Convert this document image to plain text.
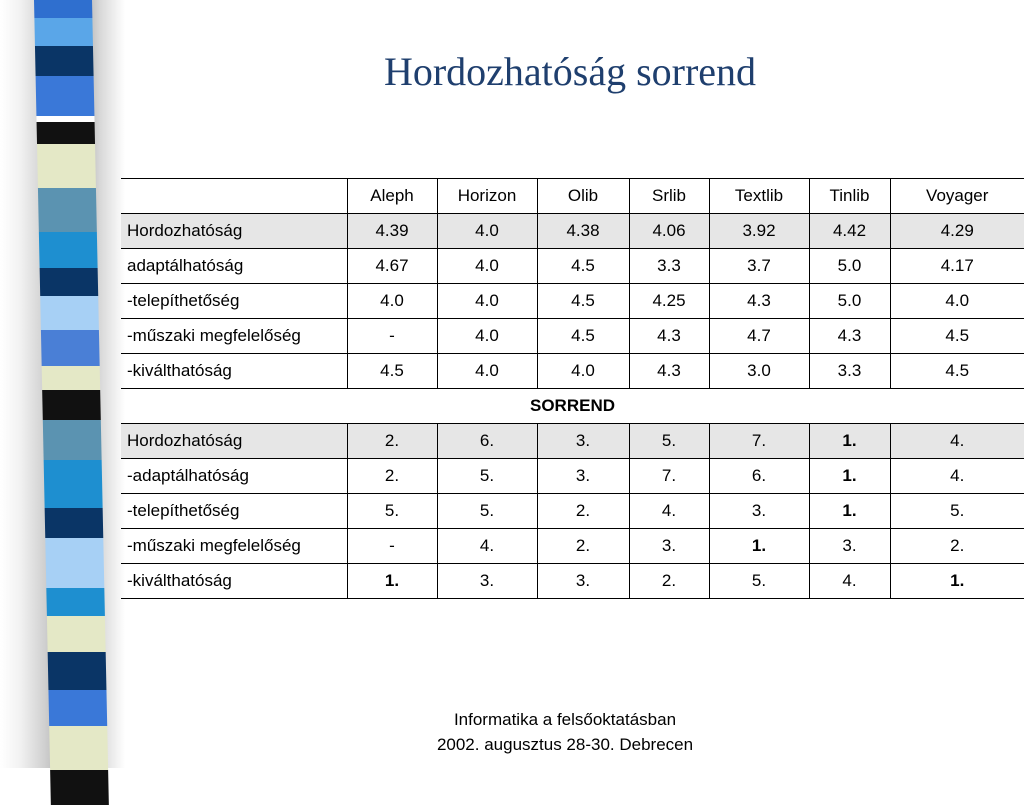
Hordozhatóság sorrend
	Aleph	Horizon	Olib	Srlib	Textlib	Tinlib	Voyager
Hordozhatóság	4.39	4.0	4.38	4.06	3.92	4.42	4.29
adaptálhatóság	4.67	4.0	4.5	3.3	3.7	5.0	4.17
-telepíthetőség	4.0	4.0	4.5	4.25	4.3	5.0	4.0
-műszaki megfelelőség	-	4.0	4.5	4.3	4.7	4.3	4.5
-kiválthatóság	4.5	4.0	4.0	4.3	3.0	3.3	4.5
SORREND							
Hordozhatóság	2.	6.	3.	5.	7.	1.	4.
-adaptálhatóság	2.	5.	3.	7.	6.	1.	4.
-telepíthetőség	5.	5.	2.	4.	3.	1.	5.
-műszaki megfelelőség	-	4.	2.	3.	1.	3.	2.
-kiválthatóság	1.	3.	3.	2.	5.	4.	1.
Informatika a felsőoktatásban
2002. augusztus 28-30. Debrecen
